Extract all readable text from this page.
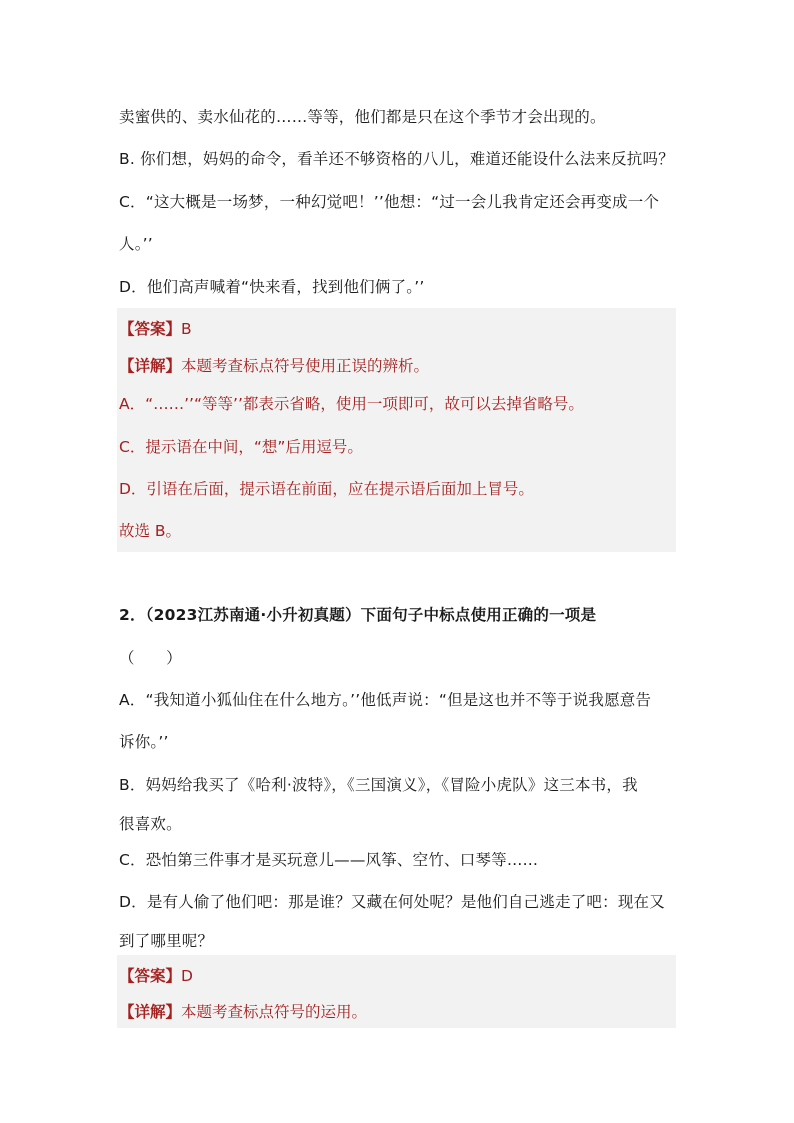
卖蜜供的、卖水仙花的……等等，他们都是只在这个季节才会出现的。
B. 你们想，妈妈的命令，看羊还不够资格的八儿，难道还能设什么法来反抗吗？
C．“这大概是一场梦，一种幻觉吧！’’他想：“过一会儿我肯定还会再变成一个
人。’’
D．他们高声喊着“快来看，找到他们俩了。’’
【答案】B
【详解】本题考查标点符号使用正误的辨析。
A．“……’’“等等’’都表示省略，使用一项即可，故可以去掉省略号。
C．提示语在中间，“想”后用逗号。
D．引语在后面，提示语在前面，应在提示语后面加上冒号。
故选 B。
2．（2023江苏南通·小升初真题）下面句子中标点使用正确的一项是
（　　）
A．“我知道小狐仙住在什么地方。’’他低声说：“但是这也并不等于说我愿意告
诉你。’’
B．妈妈给我买了《哈利·波特》，《三国演义》，《冒险小虎队》这三本书，我
很喜欢。
C．恐怕第三件事才是买玩意儿——风筝、空竹、口琴等……
D．是有人偷了他们吧：那是谁？又藏在何处呢？是他们自己逃走了吧：现在又
到了哪里呢？
【答案】D
【详解】本题考查标点符号的运用。
